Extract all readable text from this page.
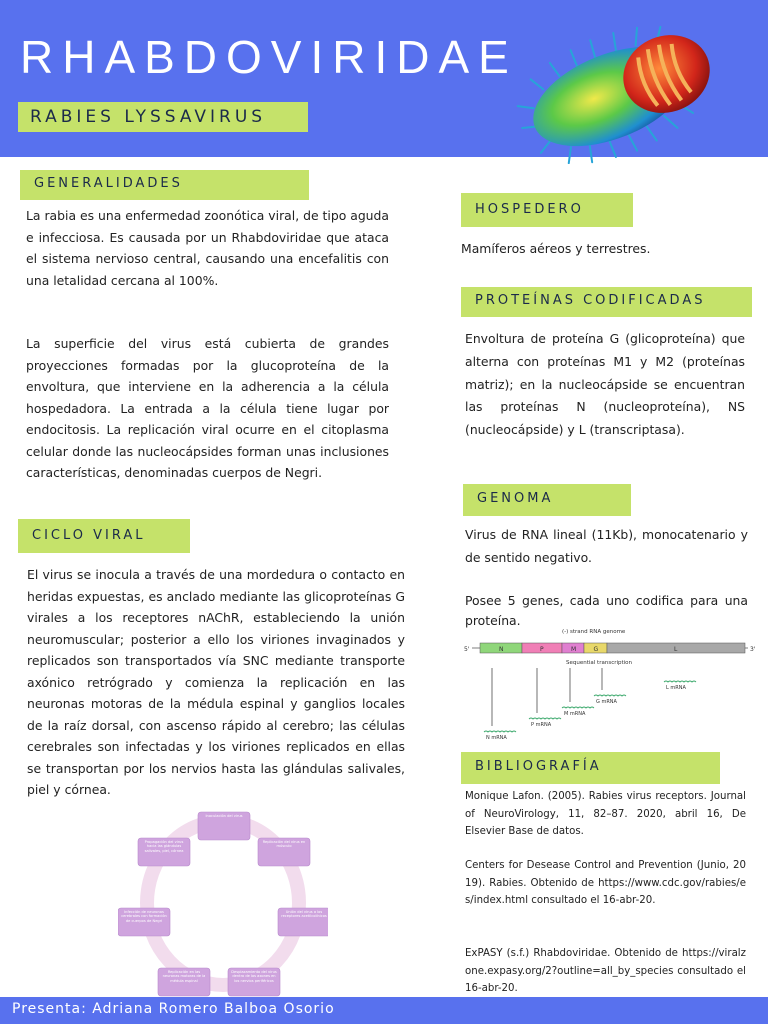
RHABDOVIRIDAE
RABIES LYSSAVIRUS
GENERALIDADES
La rabia es una enfermedad zoonótica viral, de tipo aguda e infecciosa. Es causada por un Rhabdoviridae que ataca el sistema nervioso central, causando una encefalitis con una letalidad cercana al 100%.
La superficie del virus está cubierta de grandes proyecciones formadas por la glucoproteína de la envoltura, que interviene en la adherencia a la célula hospedadora. La entrada a la célula tiene lugar por endocitosis. La replicación viral ocurre en el citoplasma celular donde las nucleocápsides forman unas inclusiones características, denominadas cuerpos de Negri.
CICLO VIRAL
El virus se inocula a través de una mordedura o contacto en heridas expuestas, es anclado mediante las glicoproteínas G virales a los receptores nAChR, estableciendo la unión neuromuscular; posterior a ello los viriones invaginados y replicados son transportados vía SNC mediante transporte axónico retrógrado y comienza la replicación en las neuronas motoras de la médula espinal y ganglios locales de la raíz dorsal, con ascenso rápido al cerebro; las células cerebrales son infectadas y los viriones replicados en ellas se transportan por los nervios hasta las glándulas salivales, piel y córnea.
Inoculación del virus
Replicación del virus en músculo
Unión del virus a los receptores acetilcolínicos
Desplazamiento del virus dentro de los axones en los nervios periféricos
Replicación en las neuronas motoras de la médula espinal
Infección de neuronas cerebrales con formación de cuerpos de Negri
Propagación del virus hacia las glándulas salivales, piel, córnea
HOSPEDERO
Mamíferos aéreos y terrestres.
PROTEÍNAS CODIFICADAS
Envoltura de proteína G (glicoproteína) que alterna con proteínas M1 y M2 (proteínas matriz); en la nucleocápside se encuentran las proteínas N (nucleoproteína), NS (nucleocápside) y L (transcriptasa).
GENOMA
Virus de RNA lineal (11Kb), monocatenario y de sentido negativo.
Posee 5 genes, cada uno codifica para una proteína.
(-) strand RNA genome
5'	3'
N	P	M	G	L
Sequential transcription
N mRNA
P mRNA
M mRNA
G mRNA
L mRNA
BIBLIOGRAFÍA
Monique Lafon. (2005). Rabies virus receptors. Journal of NeuroVirology, 11, 82–87. 2020, abril 16, De Elsevier Base de datos.
Centers for Desease Control and Prevention (Junio, 2019). Rabies. Obtenido de https://www.cdc.gov/rabies/es/index.html consultado el 16-abr-20.
ExPASY (s.f.) Rhabdoviridae. Obtenido de https://viralzone.expasy.org/2?outline=all_by_species consultado el 16-abr-20.
Presenta: Adriana Romero Balboa Osorio
